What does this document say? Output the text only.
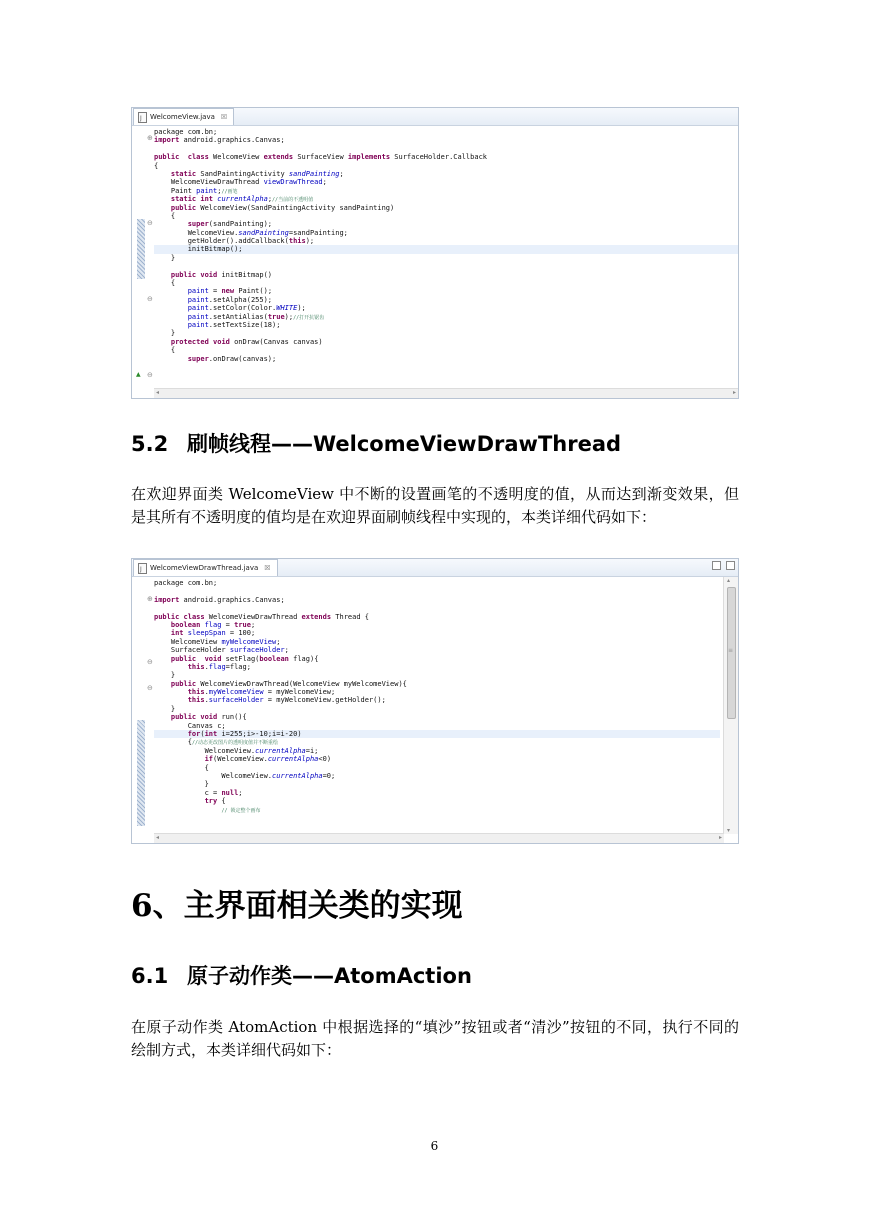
J
WelcomeView.java ☒
⊕
⊖
⊖
▲ ⊖
package com.bn;
import android.graphics.Canvas;

public class WelcomeView extends SurfaceView implements SurfaceHolder.Callback
{
static SandPaintingActivity sandPainting;
WelcomeViewDrawThread viewDrawThread;
Paint paint;//画笔
static int currentAlpha;//当前的不透明值
public WelcomeView(SandPaintingActivity sandPainting)
{
super(sandPainting);
WelcomeView.sandPainting=sandPainting;
getHolder().addCallback(this);
initBitmap();
}

public void initBitmap()
{
paint = new Paint();
paint.setAlpha(255);
paint.setColor(Color.WHITE);
paint.setAntiAlias(true);//打开抗锯齿
paint.setTextSize(18);
}
protected void onDraw(Canvas canvas)
{
super.onDraw(canvas);
◂	▸
5.2 刷帧线程——WelcomeViewDrawThread
在欢迎界面类 WelcomeView 中不断的设置画笔的不透明度的值，从而达到渐变效果，但是其所有不透明度的值均是在欢迎界面刷帧线程中实现的，本类详细代码如下：
J
WelcomeViewDrawThread.java ☒
⊕
⊖
⊖
package com.bn;

import android.graphics.Canvas;

public class WelcomeViewDrawThread extends Thread {
boolean flag = true;
int sleepSpan = 100;
WelcomeView myWelcomeView;
SurfaceHolder surfaceHolder;
public void setFlag(boolean flag){
this.flag=flag;
}
public WelcomeViewDrawThread(WelcomeView myWelcomeView){
this.myWelcomeView = myWelcomeView;
this.surfaceHolder = myWelcomeView.getHolder();
}
public void run(){
Canvas c;
for(int i=255;i>-10;i=i-20)
{//动态更改图片的透明度值并不断重绘
WelcomeView.currentAlpha=i;
if(WelcomeView.currentAlpha<0)
{
WelcomeView.currentAlpha=0;
}
c = null;
try {
// 锁定整个画布
▴
≡
▾
◂	▸
6、主界面相关类的实现
6.1 原子动作类——AtomAction
在原子动作类 AtomAction 中根据选择的“填沙”按钮或者“清沙”按钮的不同，执行不同的绘制方式，本类详细代码如下：
6
